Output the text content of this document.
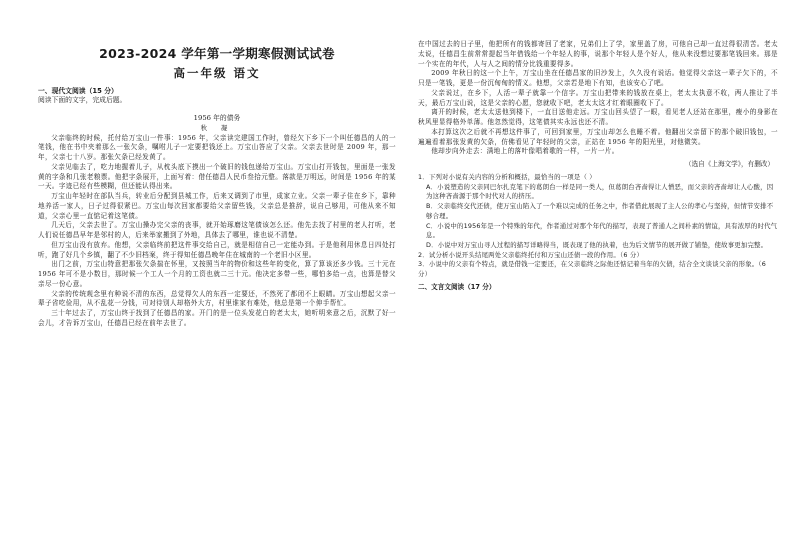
2023-2024 学年第一学期寒假测试试卷
高一年级 语文
一、现代文阅读（15 分）
阅读下面的文字，完成后题。
1956 年的债务
秋 凝

父亲临终的时候，托付给万宝山一件事：1956 年，父亲读完建国工作时，曾经欠下乡下一个叫任德昌的人的一笔钱，他在书中夹着那么一张欠条，嘱咐儿子一定要把钱还上。万宝山答应了父亲。父亲去世时是 2009 年，那一年，父亲七十八岁。那张欠条已经发黄了。

父亲见临去了，吃力地握着儿子，从枕头底下摸出一个破旧的钱包递给万宝山。万宝山打开钱包，里面是一张发黄的字条和几张老粮票。他把字条展开，上面写着：借任德昌人民币叁拾元整。落款是万明远，时间是 1956 年的某一天。字迹已经有些模糊，但还能认得出来。

万宝山年轻时在部队当兵，转业后分配到县城工作，后来又调到了市里，成家立业。父亲一辈子住在乡下，靠种地养活一家人，日子过得很紧巴。万宝山每次回家都要给父亲留些钱，父亲总是推辞，说自己够用，可他从来不知道，父亲心里一直惦记着这笔债。

几天后，父亲去世了。万宝山操办完父亲的丧事，就开始琢磨这笔债该怎么还。他先去找了村里的老人打听，老人们说任德昌早年是邻村的人，后来举家搬到了外地，具体去了哪里，谁也说不清楚。

但万宝山没有放弃。他想，父亲临终前把这件事交给自己，就是相信自己一定能办到。于是他利用休息日四处打听，跑了好几个乡镇，翻了不少旧档案，终于得知任德昌晚年住在城南的一个老旧小区里。

出门之前，万宝山特意把那张欠条揣在怀里，又按照当年的物价和这些年的变化，算了算该还多少钱。三十元在 1956 年可不是小数目，那时候一个工人一个月的工资也就二三十元。他决定多带一些，哪怕多给一点，也算是替父亲尽一份心意。

父亲的传统观念里有种说不清的东西，总觉得欠人的东西一定要还，不然死了都闭不上眼睛。万宝山想起父亲一辈子省吃俭用，从不乱花一分钱，可对待别人却格外大方，村里谁家有难处，他总是第一个伸手帮忙。

三十年过去了，万宝山终于找到了任德昌的家。开门的是一位头发花白的老太太，她听明来意之后，沉默了好一会儿，才告诉万宝山，任德昌已经在前年去世了。

在中国过去的日子里，他把所有的钱都寄回了老家，兄弟们上了学，家里盖了房，可他自己却一直过得很清苦。老太太说，任德昌生前常常提起当年借钱给一个年轻人的事，说那个年轻人是个好人，他从来没想过要那笔钱回来。那是一个实在的年代，人与人之间的情分比钱重要得多。

2009 年秋日的这一个上午，万宝山坐在任德昌家的旧沙发上，久久没有说话。他觉得父亲这一辈子欠下的，不只是一笔钱，更是一份沉甸甸的情义。他想，父亲若是地下有知，也该安心了吧。

父亲说过，在乡下，人活一辈子就靠一个信字。万宝山把带来的钱放在桌上，老太太执意不收，两人推让了半天，最后万宝山说，这是父亲的心愿，您就收下吧，老太太这才红着眼圈收下了。

离开的时候，老太太送他到楼下，一直目送他走远。万宝山回头望了一眼，看见老人还站在那里，瘦小的身影在秋风里显得格外单薄。他忽然觉得，这笔债其实永远也还不清。

本打算这次之后就不再想这件事了，可回到家里，万宝山却怎么也睡不着。他翻出父亲留下的那个破旧钱包，一遍遍看着那张发黄的欠条，仿佛看见了年轻时的父亲，正站在 1956 年的阳光里，对他微笑。

他却步向外走去：满地上的落叶像唱着歌的一样，一片一片。

（选自《上海文学》，有删改）

1．下列对小说有关内容的分析和概括，最恰当的一项是（ ）

A．小说塑造的父亲同巴尔扎克笔下的葛朗台一样是同一类人，但葛朗台吝啬得让人憎恶，而父亲的吝啬却让人心酸，因为这种吝啬源于那个时代对人的挤压。

B．父亲临终交代还债，使万宝山陷入了一个难以完成的任务之中，作者借此展现了主人公的孝心与坚持，但情节安排不够合理。

C．小说中的1956年是一个特殊的年代，作者通过对那个年代的描写，表现了普通人之间朴素的情谊，具有浓厚的时代气息。

D．小说中对万宝山寻人过程的描写详略得当，既表现了他的执着，也为后文情节的展开做了铺垫，使故事更加完整。

2．试分析小说开头结尾两处父亲临终托付和万宝山还债一段的作用。（6 分）

3．小说中的父亲有个特点，就是借钱一定要还，在父亲临终之际他还惦记着当年的欠债，结合全文谈谈父亲的形象。（6 分）

二、文言文阅读（17 分）
